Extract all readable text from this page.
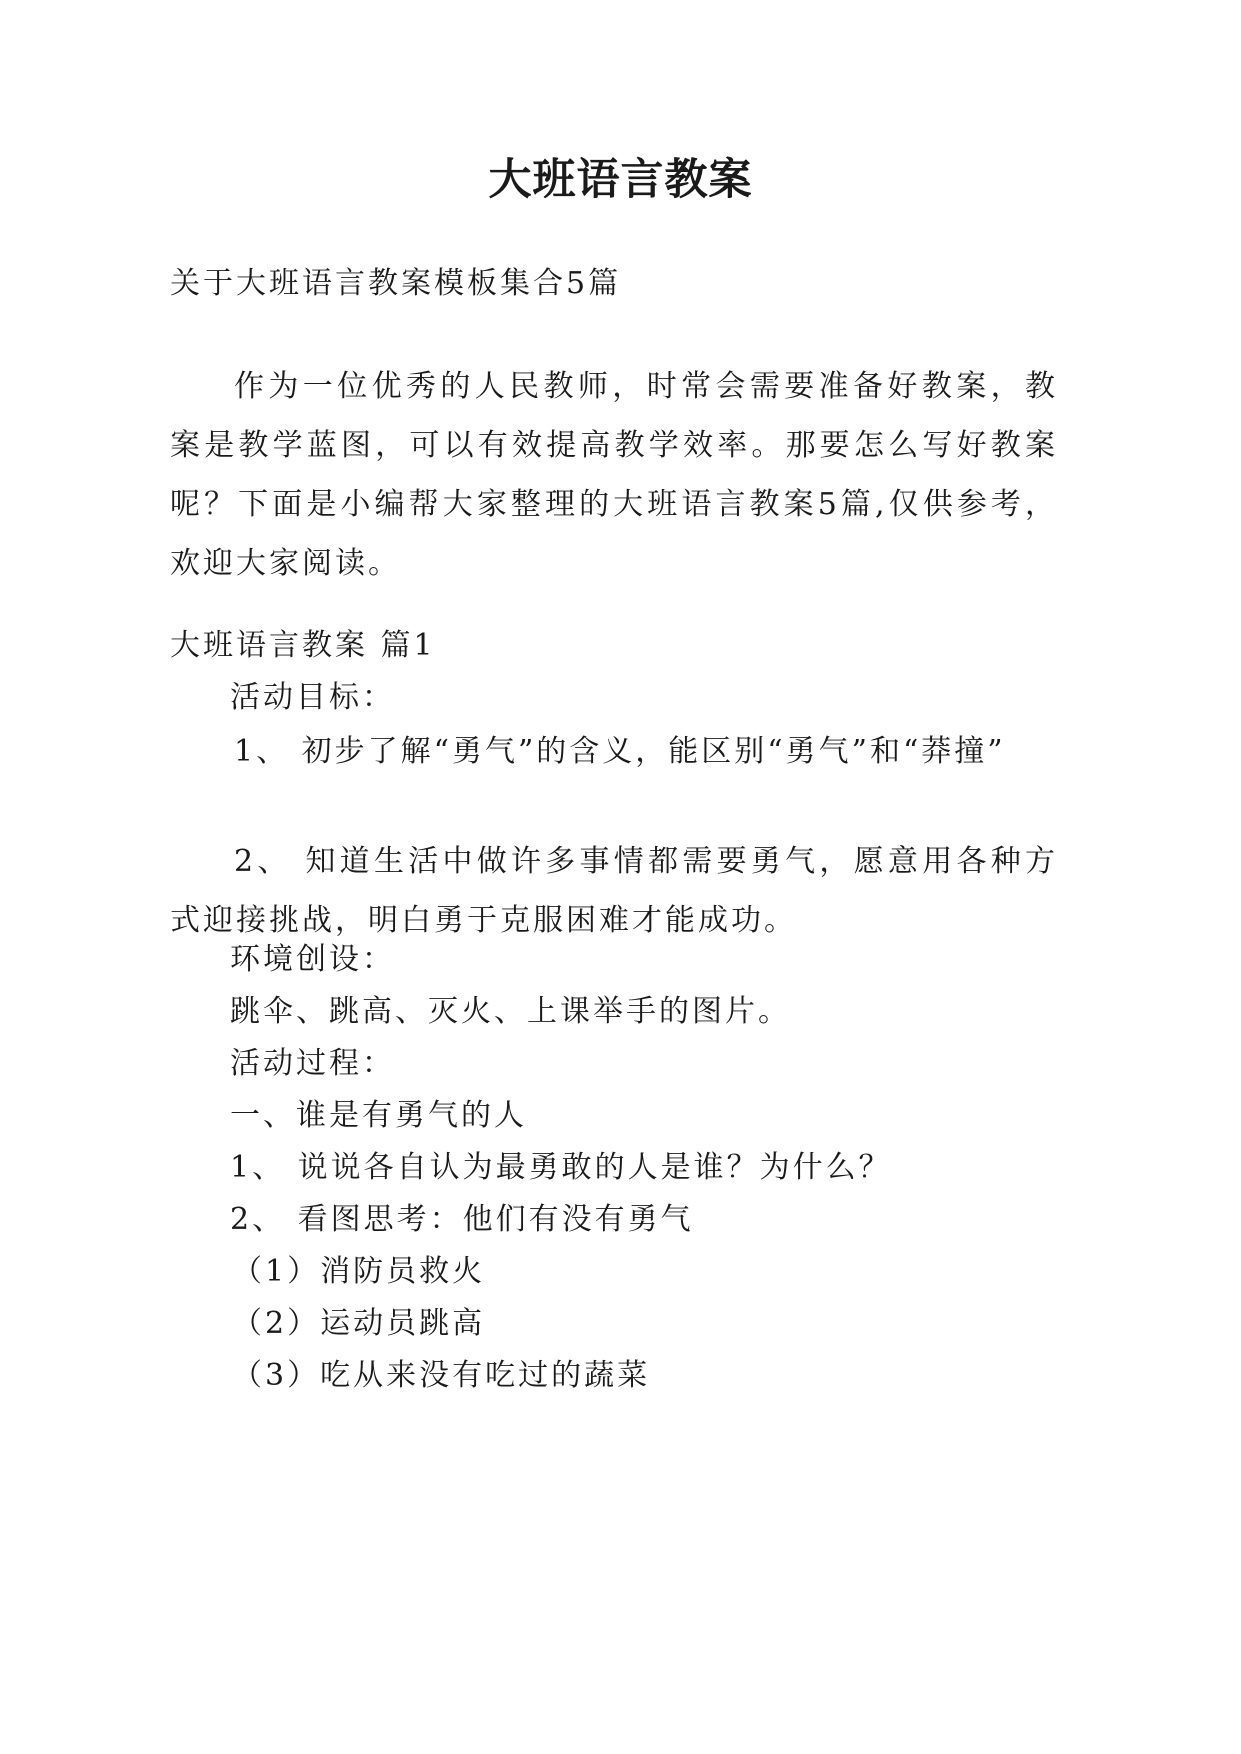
大班语言教案

关于大班语言教案模板集合5篇

作为一位优秀的人民教师，时常会需要准备好教案，教案是教学蓝图，可以有效提高教学效率。那要怎么写好教案呢？下面是小编帮大家整理的大班语言教案5篇,仅供参考，欢迎大家阅读。

大班语言教案 篇1

活动目标：

1、 初步了解“勇气”的含义，能区别“勇气”和“莽撞”

2、 知道生活中做许多事情都需要勇气，愿意用各种方式迎接挑战，明白勇于克服困难才能成功。

环境创设：

跳伞、跳高、灭火、上课举手的图片。

活动过程：

一、谁是有勇气的人

1、 说说各自认为最勇敢的人是谁？为什么？

2、 看图思考：他们有没有勇气

（1）消防员救火

（2）运动员跳高

（3）吃从来没有吃过的蔬菜
